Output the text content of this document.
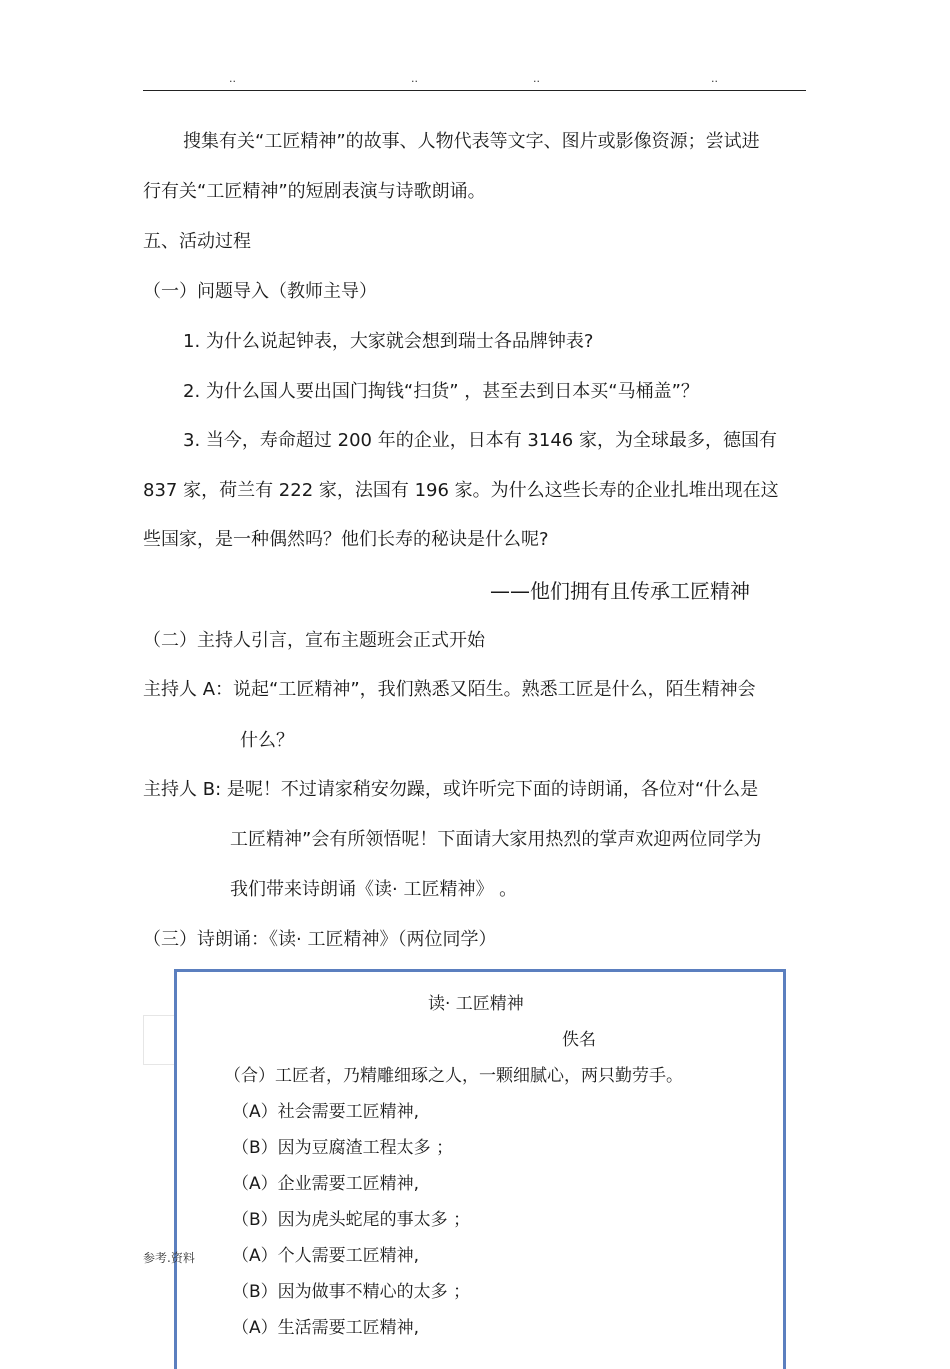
..	..	..	..
搜集有关“工匠精神”的故事、人物代表等文字、图片或影像资源；尝试进
行有关“工匠精神”的短剧表演与诗歌朗诵。
五、活动过程
（一）问题导入（教师主导）
1. 为什么说起钟表，大家就会想到瑞士各品牌钟表?
2. 为什么国人要出国门掏钱“扫货” ，甚至去到日本买“马桶盖”？
3. 当今，寿命超过 200 年的企业，日本有 3146 家，为全球最多，德国有
837 家，荷兰有 222 家，法国有 196 家。为什么这些长寿的企业扎堆出现在这
些国家，是一种偶然吗？他们长寿的秘诀是什么呢?
——他们拥有且传承工匠精神
（二）主持人引言，宣布主题班会正式开始
主持人 A：说起“工匠精神”，我们熟悉又陌生。熟悉工匠是什么，陌生精神会
什么？
主持人 B: 是呢！不过请家稍安勿躁，或许听完下面的诗朗诵，各位对“什么是
工匠精神”会有所领悟呢！下面请大家用热烈的掌声欢迎两位同学为
我们带来诗朗诵《读· 工匠精神》 。
（三）诗朗诵：《读· 工匠精神》（两位同学）
读· 工匠精神
佚名
（合）工匠者，乃精雕细琢之人，一颗细腻心，两只勤劳手。
（A）社会需要工匠精神,
（B）因为豆腐渣工程太多 ；
（A）企业需要工匠精神,
（B）因为虎头蛇尾的事太多 ；
（A）个人需要工匠精神,
（B）因为做事不精心的太多 ；
（A）生活需要工匠精神,
参考.资料
